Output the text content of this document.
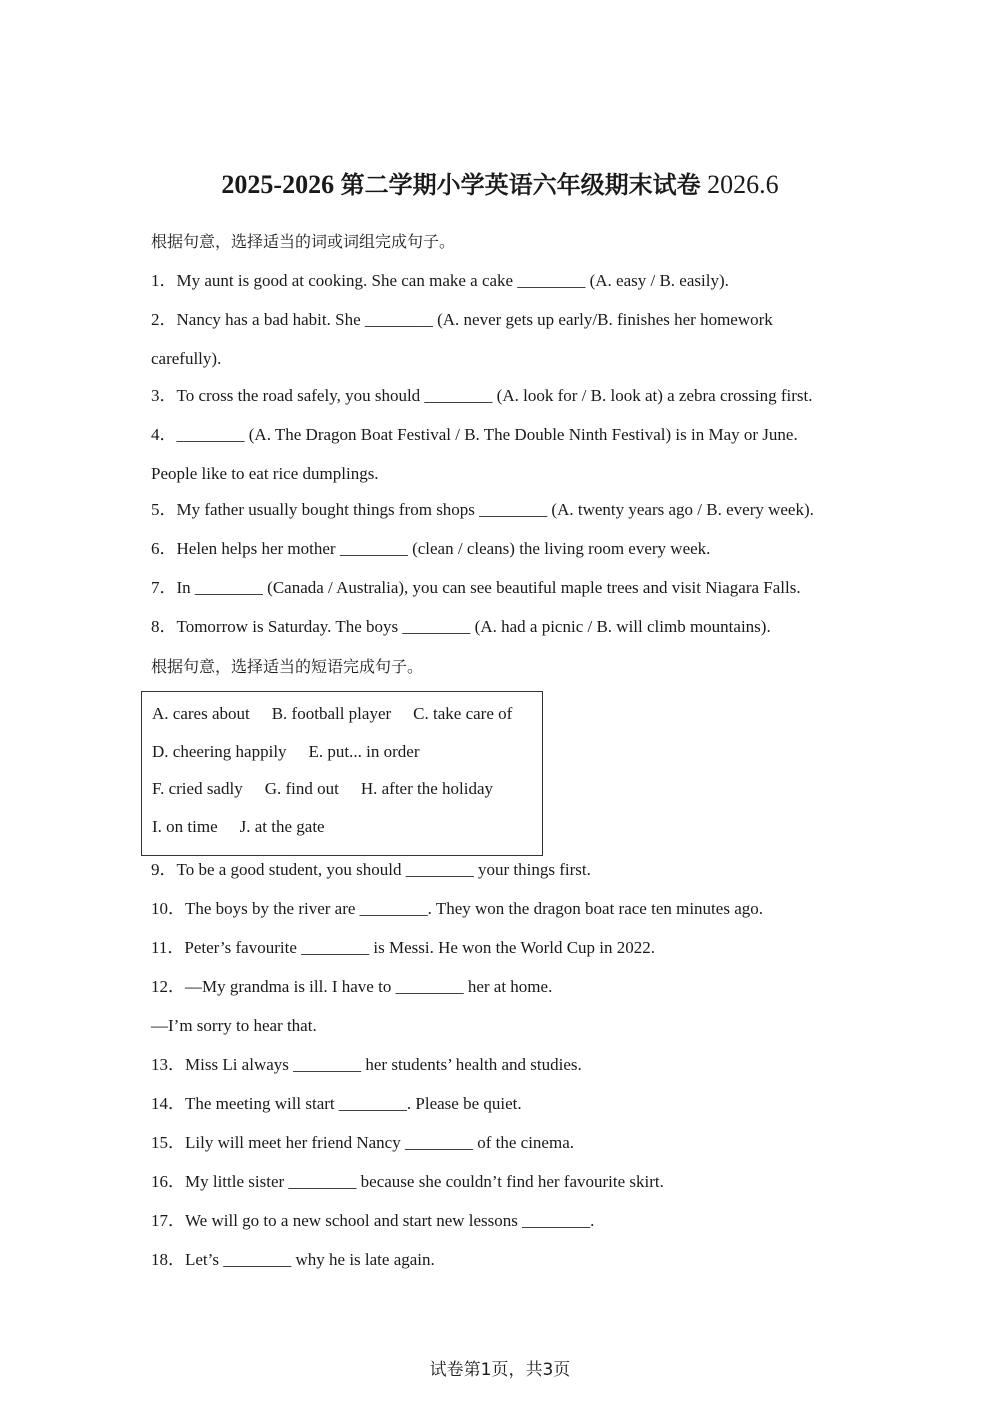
2025-2026 第二学期小学英语六年级期末试卷 2026.6
根据句意，选择适当的词或词组完成句子。
1．My aunt is good at cooking. She can make a cake ________ (A. easy / B. easily).
2．Nancy has a bad habit. She ________ (A. never gets up early/B. finishes her homework
carefully).
3．To cross the road safely, you should ________ (A. look for / B. look at) a zebra crossing first.
4．________ (A. The Dragon Boat Festival / B. The Double Ninth Festival) is in May or June.
People like to eat rice dumplings.
5．My father usually bought things from shops ________ (A. twenty years ago / B. every week).
6．Helen helps her mother ________ (clean / cleans) the living room every week.
7．In ________ (Canada / Australia), you can see beautiful maple trees and visit Niagara Falls.
8．Tomorrow is Saturday. The boys ________ (A. had a picnic / B. will climb mountains).
根据句意，选择适当的短语完成句子。
A. cares about B. football player C. take care of
D. cheering happily E. put... in order
F. cried sadly G. find out H. after the holiday
I. on time J. at the gate
9．To be a good student, you should ________ your things first.
10．The boys by the river are ________. They won the dragon boat race ten minutes ago.
11．Peter’s favourite ________ is Messi. He won the World Cup in 2022.
12．—My grandma is ill. I have to ________ her at home.
—I’m sorry to hear that.
13．Miss Li always ________ her students’ health and studies.
14．The meeting will start ________. Please be quiet.
15．Lily will meet her friend Nancy ________ of the cinema.
16．My little sister ________ because she couldn’t find her favourite skirt.
17．We will go to a new school and start new lessons ________.
18．Let’s ________ why he is late again.
试卷第1页，共3页
